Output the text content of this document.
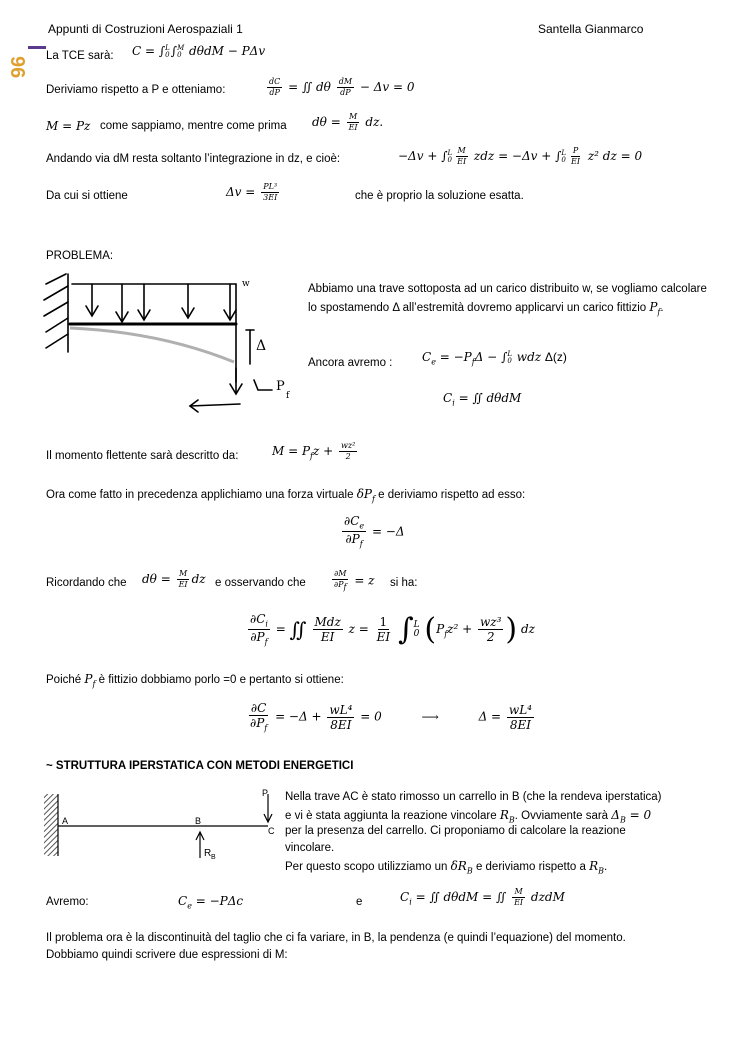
Appunti di Costruzioni Aerospaziali 1	Santella Gianmarco
96 La TCE sarà: C = ∫ L
0 ∫ M
0 dθdM − PΔv
Deriviamo rispetto a P e otteniamo:	$\frac{dC}{dP}$ = ∬ dθ $\frac{dM}{dP} - \Delta v = 0$
M = Pz come sappiamo, mentre come prima $d\theta = \frac{M}{EI}$ dz.
Andando via dM resta soltanto l’integrazione in dz, e cioè:	−Δv + ∫ L
$0 \frac{M}{EI}$ zdz = −Δv + ∫ L
$0 \frac{P}{EI} z^2$ dz = 0
Da cui si ottiene	$\Delta v = \frac{\text{PL³}}{3EI}$	che è proprio la soluzione esatta.
PROBLEMA:
w
Δ
P
f
Abbiamo una trave sottoposta ad un carico distribuito w, se vogliamo calcolare lo spostamendo Δ all’estremità dovremo applicarvi un carico fittizio $P_f$.
Ancora avremo : $C_e = -P_f\Delta$ − ∫ L
0 wdz Δ(z)
$C_i$ = ∬ dθdM
Il momento flettente sarà descritto da:	$M = P_fz + \frac{\text{wz²}}{2}$
Ora come fatto in precedenza applichiamo una forza virtuale $\delta P_f$ e deriviamo rispetto ad esso:
$\frac{\partial C_e}{\partial P_f} = -\Delta$
Ricordando che $d\theta = \frac{M}{EI}$ dz e osservando che	$\frac{\partial M}{\partial P_f} = z$ si ha:
$\frac{\partial C_i}{\partial P_f}$ = ∬ $\frac{\text{Mdz}}{EI}$ $z = \frac{1}{EI}$ ∫ L
0 ($P_fz^2 + \frac{\text{wz³}}{2}$ ) dz
Poiché $P_f$ è fittizio dobbiamo porlo =0 e pertanto si ottiene:
$\frac{\partial C}{\partial P_f} = -\Delta + \frac{\text{wL⁴}}{8EI} = 0$	⟶	$\Delta = \frac{\text{wL⁴}}{8EI}$
~ STRUTTURA IPERSTATICA CON METODI ENERGETICI
A	B
C
P
R B
Nella trave AC è stato rimosso un carrello in B (che la rendeva iperstatica)
e vi è stata aggiunta la reazione vincolare $R_B$. Ovviamente sarà $\Delta_B = 0$
per la presenza del carrello. Ci proponiamo di calcolare la reazione
vincolare.
Per questo scopo utilizziamo un $\delta R_B$ e deriviamo rispetto a $R_B$.
Avremo:	$C_e = -P\Delta c$	e	$C_i$ = ∬ dθdM = ∬ $\frac{M}{EI}$ dzdM
Il problema ora è la discontinuità del taglio che ci fa variare, in B, la pendenza (e quindi l’equazione) del momento.
Dobbiamo quindi scrivere due espressioni di M:
